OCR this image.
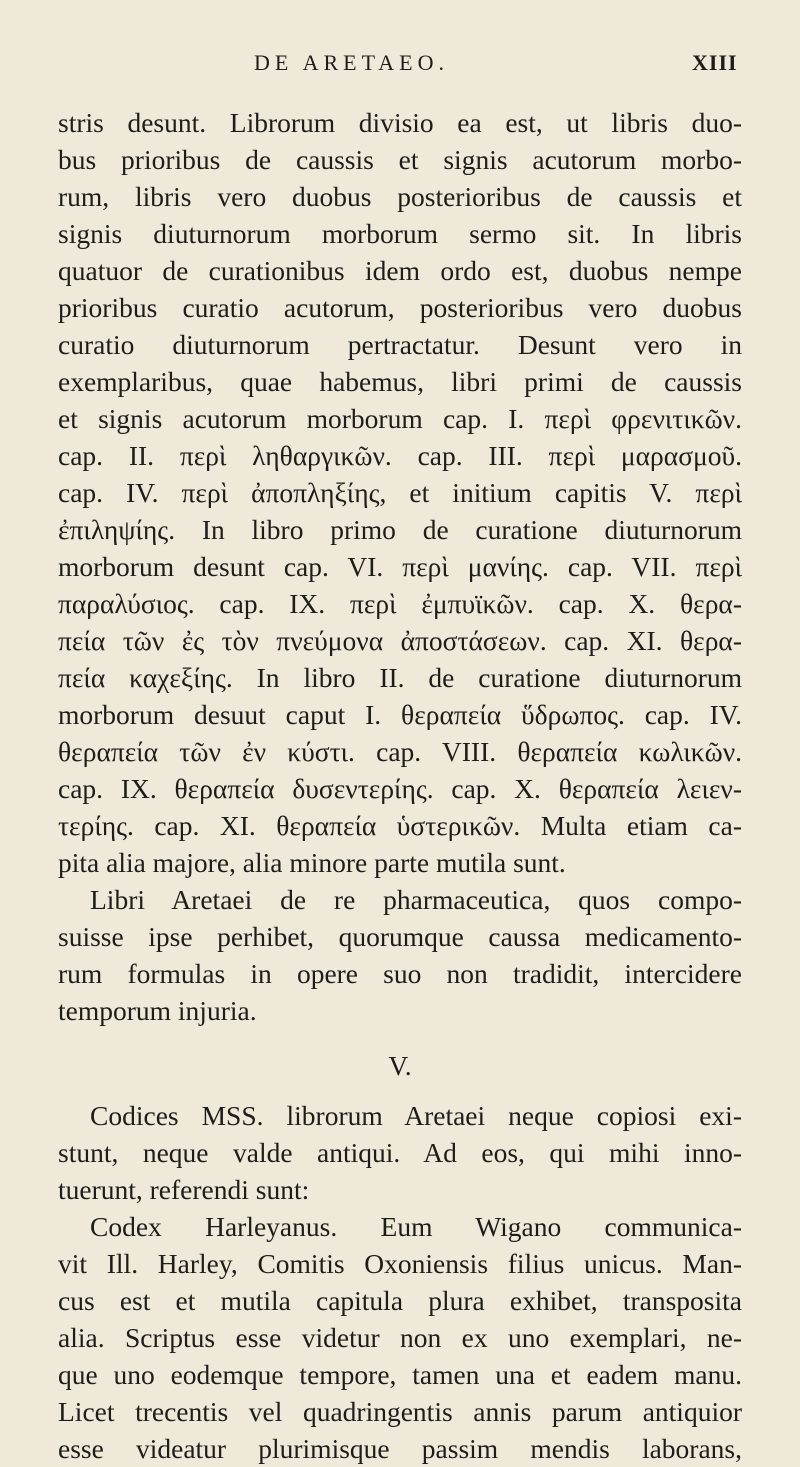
DE ARETAEO.	XIII
stris desunt. Librorum divisio ea est, ut libris duo-
bus prioribus de caussis et signis acutorum morbo-
rum, libris vero duobus posterioribus de caussis et
signis diuturnorum morborum sermo sit. In libris
quatuor de curationibus idem ordo est, duobus nempe
prioribus curatio acutorum, posterioribus vero duobus
curatio diuturnorum pertractatur. Desunt vero in
exemplaribus, quae habemus, libri primi de caussis
et signis acutorum morborum cap. I. περὶ φρενιτικῶν.
cap. II. περὶ ληθαργικῶν. cap. III. περὶ μαρασμοῦ.
cap. IV. περὶ ἀποπληξίης, et initium capitis V. περὶ
ἐπιληψίης. In libro primo de curatione diuturnorum
morborum desunt cap. VI. περὶ μανίης. cap. VII. περὶ
παραλύσιος. cap. IX. περὶ ἐμπυϊκῶν. cap. X. θερα-
πεία τῶν ἐς τὸν πνεύμονα ἀποστάσεων. cap. XI. θερα-
πεία καχεξίης. In libro II. de curatione diuturnorum
morborum desuut caput I. θεραπεία ὕδρωπος. cap. IV.
θεραπεία τῶν ἐν κύστι. cap. VIII. θεραπεία κωλικῶν.
cap. IX. θεραπεία δυσεντερίης. cap. X. θεραπεία λειεν-
τερίης. cap. XI. θεραπεία ὑστερικῶν. Multa etiam ca-
pita alia majore, alia minore parte mutila sunt.
Libri Aretaei de re pharmaceutica, quos compo-
suisse ipse perhibet, quorumque caussa medicamento-
rum formulas in opere suo non tradidit, intercidere
temporum injuria.
V.
Codices MSS. librorum Aretaei neque copiosi exi-
stunt, neque valde antiqui. Ad eos, qui mihi inno-
tuerunt, referendi sunt:
Codex Harleyanus. Eum Wigano communica-
vit Ill. Harley, Comitis Oxoniensis filius unicus. Man-
cus est et mutila capitula plura exhibet, transposita
alia. Scriptus esse videtur non ex uno exemplari, ne-
que uno eodemque tempore, tamen una et eadem manu.
Licet trecentis vel quadringentis annis parum antiquior
esse videatur plurimisque passim mendis laborans,
